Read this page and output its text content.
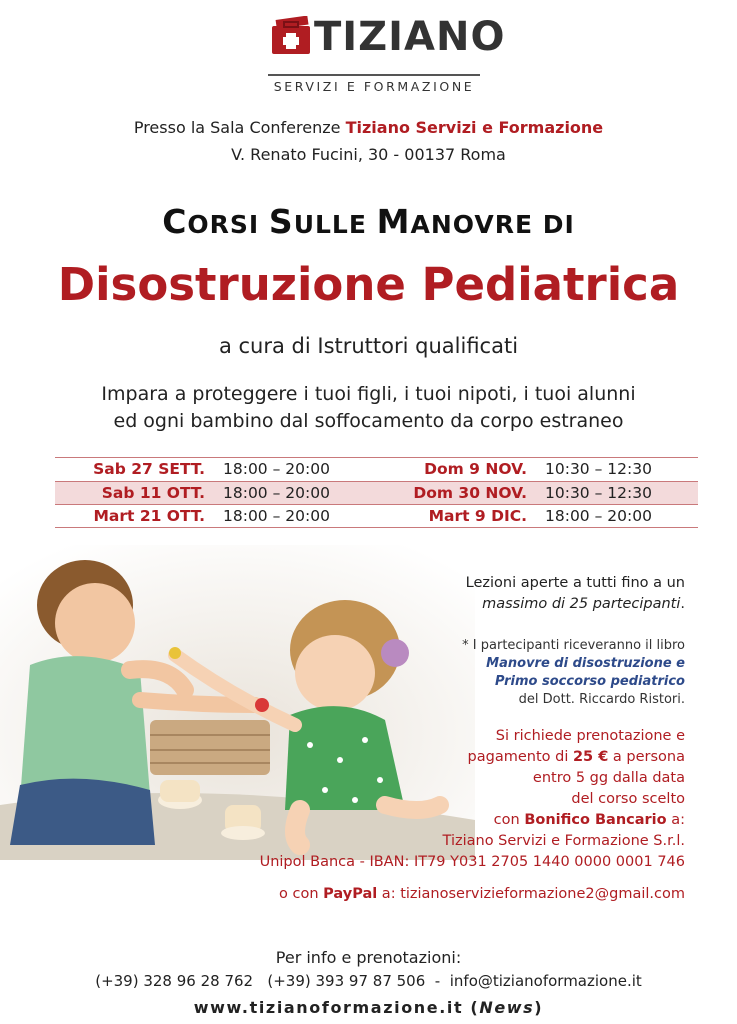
TIZIANO
SERVIZI E FORMAZIONE
Presso la Sala Conferenze Tiziano Servizi e Formazione
V. Renato Fucini, 30 - 00137 Roma
CORSI SULLE MANOVRE DI
Disostruzione Pediatrica
a cura di Istruttori qualificati
Impara a proteggere i tuoi figli, i tuoi nipoti, i tuoi alunni
ed ogni bambino dal soffocamento da corpo estraneo
Sab 27 SETT. 18:00 – 20:00	Dom 9 NOV. 10:30 – 12:30
Sab 11 OTT. 18:00 – 20:00	Dom 30 NOV. 10:30 – 12:30
Mart 21 OTT. 18:00 – 20:00	Mart 9 DIC. 18:00 – 20:00
Lezioni aperte a tutti fino a un
massimo di 25 partecipanti.
* I partecipanti riceveranno il libro
Manovre di disostruzione e
Primo soccorso pediatrico
del Dott. Riccardo Ristori.
Si richiede prenotazione e
pagamento di 25 € a persona
entro 5 gg dalla data
del corso scelto
con Bonifico Bancario a:
Tiziano Servizi e Formazione S.r.l.
Unipol Banca - IBAN: IT79 Y031 2705 1440 0000 0001 746
o con PayPal a: tizianoservizieformazione2@gmail.com
Per info e prenotazioni:
(+39) 328 96 28 762   (+39) 393 97 87 506  -  info@tizianoformazione.it
www.tizianoformazione.it (News)
